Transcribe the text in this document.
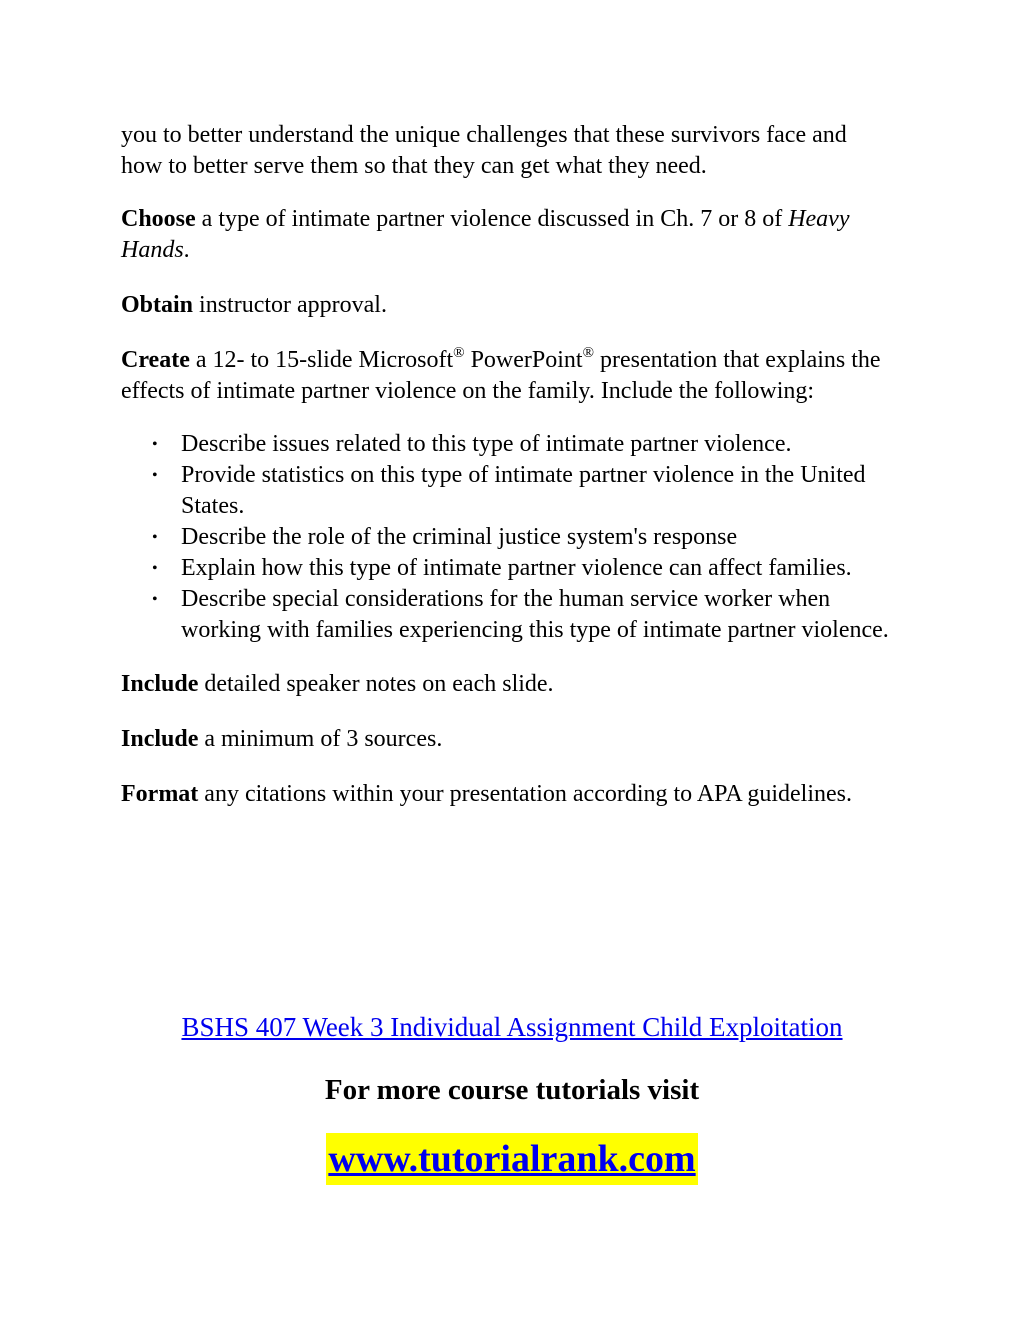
you to better understand the unique challenges that these survivors face and how to better serve them so that they can get what they need.

Choose a type of intimate partner violence discussed in Ch. 7 or 8 of Heavy Hands.

Obtain instructor approval.

Create a 12- to 15-slide Microsoft® PowerPoint® presentation that explains the effects of intimate partner violence on the family. Include the following:

• Describe issues related to this type of intimate partner violence.
• Provide statistics on this type of intimate partner violence in the United States.
• Describe the role of the criminal justice system's response
• Explain how this type of intimate partner violence can affect families.
• Describe special considerations for the human service worker when working with families experiencing this type of intimate partner violence.

Include detailed speaker notes on each slide.

Include a minimum of 3 sources.

Format any citations within your presentation according to APA guidelines.

BSHS 407 Week 3 Individual Assignment Child Exploitation
For more course tutorials visit
www.tutorialrank.com
